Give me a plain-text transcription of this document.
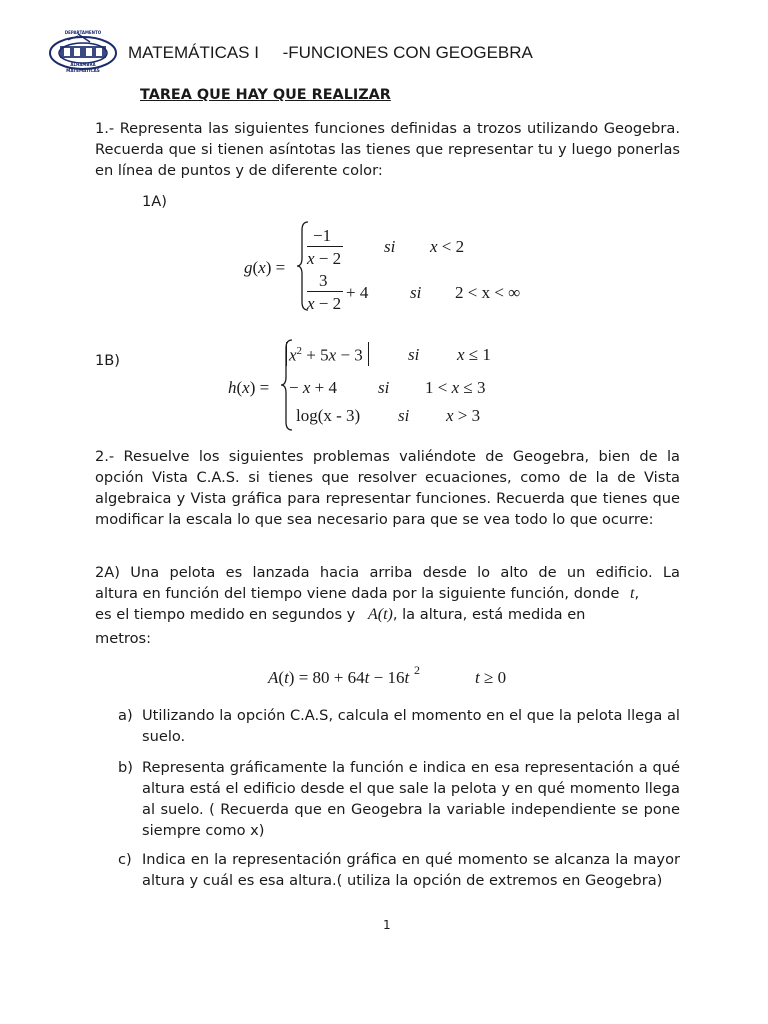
DEPARTAMENTO
ALHAMBRA
MATEMÁTICAS
MATEMÁTICAS I     -FUNCIONES CON GEOGEBRA
TAREA QUE HAY QUE REALIZAR
1.- Representa las siguientes funciones definidas a trozos utilizando Geogebra. Recuerda que si tienen asíntotas las tienes que representar tu y luego ponerlas en línea de puntos y de diferente color:
1A)
g(x) =
−1
x − 2
si x < 2
3
x − 2
+ 4 si 2 < x < ∞
1B)
h(x) =
$x^2 + 5x - 3$	si x ≤ 1
− x + 4 si 1 < x ≤ 3
log(x - 3) si x > 3
2.- Resuelve los siguientes problemas valiéndote de Geogebra, bien de la opción Vista C.A.S. si tienes que resolver ecuaciones, como de la de Vista algebraica y Vista gráfica para representar funciones. Recuerda que tienes que modificar la escala lo que sea necesario para que se vea todo lo que ocurre:
2A) Una pelota es lanzada hacia arriba desde lo alto de un edificio. La
altura en función del tiempo viene dada por la siguiente función, donde t,
es el tiempo medido en segundos y A(t), la altura, está medida en
metros:
A(t) = 80 + 64t − 16t 2	t ≥ 0
a) Utilizando la opción C.A.S, calcula el momento en el que la pelota llega al suelo.
b) Representa gráficamente la función e indica en esa representación a qué altura está el edificio desde el que sale la pelota y en qué momento llega al suelo. ( Recuerda que en Geogebra la variable independiente se pone siempre como x)
c) Indica en la representación gráfica en qué momento se alcanza la mayor altura y cuál es esa altura.( utiliza la opción de extremos en Geogebra)
1
